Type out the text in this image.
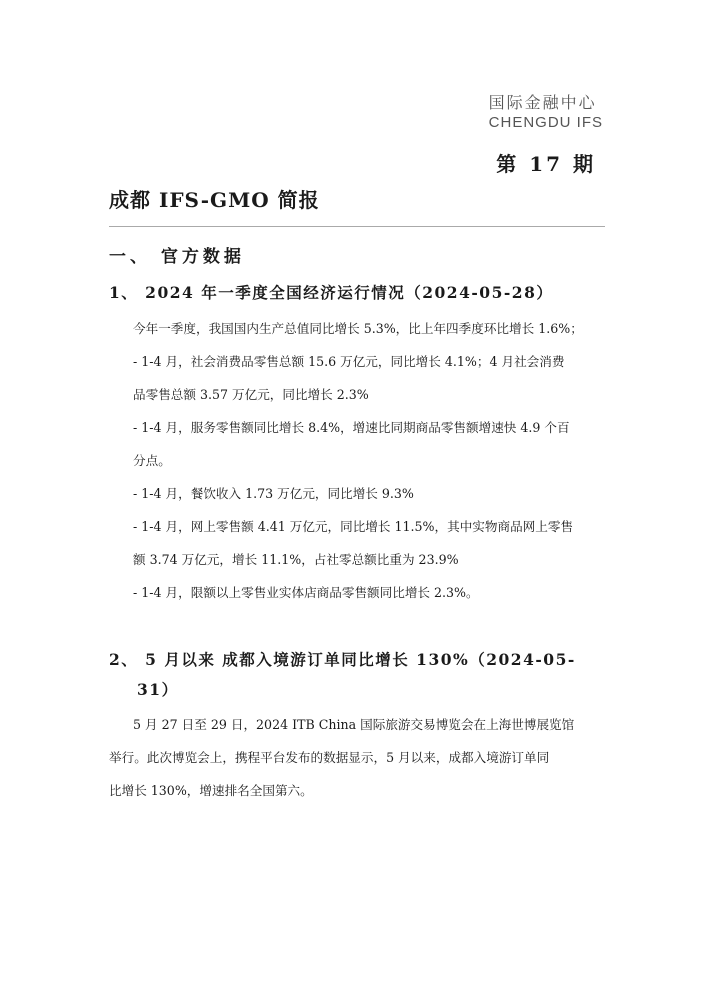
国际金融中心
CHENGDU IFS
第 17 期
成都 IFS-GMO 简报
一、 官方数据
1、 2024 年一季度全国经济运行情况（2024-05-28）
今年一季度，我国国内生产总值同比增长 5.3%，比上年四季度环比增长 1.6%；
- 1-4 月，社会消费品零售总额 15.6 万亿元，同比增长 4.1%；4 月社会消费
品零售总额 3.57 万亿元，同比增长 2.3%
- 1-4 月，服务零售额同比增长 8.4%，增速比同期商品零售额增速快 4.9 个百
分点。
- 1-4 月，餐饮收入 1.73 万亿元，同比增长 9.3%
- 1-4 月，网上零售额 4.41 万亿元，同比增长 11.5%，其中实物商品网上零售
额 3.74 万亿元，增长 11.1%，占社零总额比重为 23.9%
- 1-4 月，限额以上零售业实体店商品零售额同比增长 2.3%。
2、 5 月以来 成都入境游订单同比增长 130%（2024-05-
31）
5 月 27 日至 29 日，2024 ITB China 国际旅游交易博览会在上海世博展览馆
举行。此次博览会上，携程平台发布的数据显示，5 月以来，成都入境游订单同
比增长 130%，增速排名全国第六。
